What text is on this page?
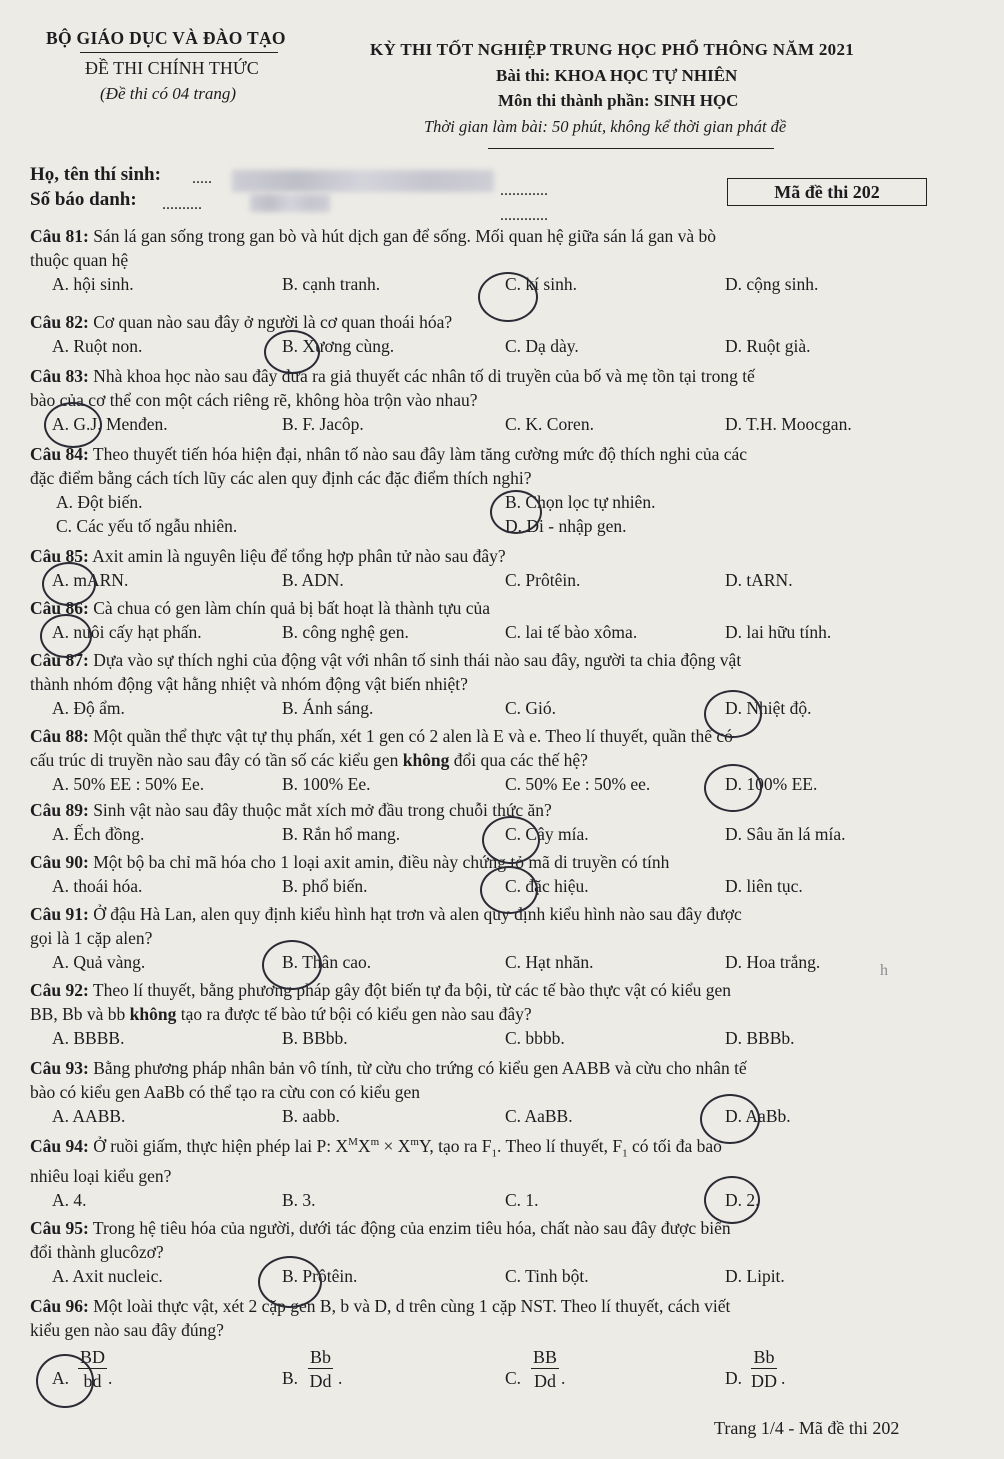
BỘ GIÁO DỤC VÀ ĐÀO TẠO
ĐỀ THI CHÍNH THỨC
(Đề thi có 04 trang)
KỲ THI TỐT NGHIỆP TRUNG HỌC PHỔ THÔNG NĂM 2021
Bài thi: KHOA HỌC TỰ NHIÊN
Môn thi thành phần: SINH HỌC
Thời gian làm bài: 50 phút, không kể thời gian phát đề
Họ, tên thí sinh: .....
Số báo danh: ..........
............
............
Mã đề thi 202
Câu 81: Sán lá gan sống trong gan bò và hút dịch gan để sống. Mối quan hệ giữa sán lá gan và bò
thuộc quan hệ
A. hội sinh.	B. cạnh tranh.	C. kí sinh.	D. cộng sinh.
Câu 82: Cơ quan nào sau đây ở người là cơ quan thoái hóa?
A. Ruột non.	B. Xương cùng.	C. Dạ dày.	D. Ruột già.
Câu 83: Nhà khoa học nào sau đây đưa ra giả thuyết các nhân tố di truyền của bố và mẹ tồn tại trong tế
bào của cơ thể con một cách riêng rẽ, không hòa trộn vào nhau?
A. G.J. Menđen.	B. F. Jacôp.	C. K. Coren.	D. T.H. Moocgan.
Câu 84: Theo thuyết tiến hóa hiện đại, nhân tố nào sau đây làm tăng cường mức độ thích nghi của các
đặc điểm bằng cách tích lũy các alen quy định các đặc điểm thích nghi?
A. Đột biến.	B. Chọn lọc tự nhiên.
C. Các yếu tố ngẫu nhiên.	D. Di - nhập gen.
Câu 85: Axit amin là nguyên liệu để tổng hợp phân tử nào sau đây?
A. mARN.	B. ADN.	C. Prôtêin.	D. tARN.
Câu 86: Cà chua có gen làm chín quả bị bất hoạt là thành tựu của
A. nuôi cấy hạt phấn.	B. công nghệ gen.	C. lai tế bào xôma.	D. lai hữu tính.
Câu 87: Dựa vào sự thích nghi của động vật với nhân tố sinh thái nào sau đây, người ta chia động vật
thành nhóm động vật hằng nhiệt và nhóm động vật biến nhiệt?
A. Độ ẩm.	B. Ánh sáng.	C. Gió.	D. Nhiệt độ.
Câu 88: Một quần thể thực vật tự thụ phấn, xét 1 gen có 2 alen là E và e. Theo lí thuyết, quần thể có
cấu trúc di truyền nào sau đây có tần số các kiểu gen không đổi qua các thế hệ?
A. 50% EE : 50% Ee.	B. 100% Ee.	C. 50% Ee : 50% ee.	D. 100% EE.
Câu 89: Sinh vật nào sau đây thuộc mắt xích mở đầu trong chuỗi thức ăn?
A. Ếch đồng.	B. Rắn hổ mang.	C. Cây mía.	D. Sâu ăn lá mía.
Câu 90: Một bộ ba chỉ mã hóa cho 1 loại axit amin, điều này chứng tỏ mã di truyền có tính
A. thoái hóa.	B. phổ biến.	C. đặc hiệu.	D. liên tục.
Câu 91: Ở đậu Hà Lan, alen quy định kiểu hình hạt trơn và alen quy định kiểu hình nào sau đây được
gọi là 1 cặp alen?
A. Quả vàng.	B. Thân cao.	C. Hạt nhăn.	D. Hoa trắng.
Câu 92: Theo lí thuyết, bằng phương pháp gây đột biến tự đa bội, từ các tế bào thực vật có kiểu gen
BB, Bb và bb không tạo ra được tế bào tứ bội có kiểu gen nào sau đây?
A. BBBB.	B. BBbb.	C. bbbb.	D. BBBb.
Câu 93: Bằng phương pháp nhân bản vô tính, từ cừu cho trứng có kiểu gen AABB và cừu cho nhân tế
bào có kiểu gen AaBb có thể tạo ra cừu con có kiểu gen
A. AABB.	B. aabb.	C. AaBB.	D. AaBb.
Câu 94: Ở ruồi giấm, thực hiện phép lai P: $X^MX^m \times X^mY$, tạo ra $F_1$. Theo lí thuyết, $F_1$ có tối đa bao
nhiêu loại kiểu gen?
A. 4.	B. 3.	C. 1.	D. 2.
Câu 95: Trong hệ tiêu hóa của người, dưới tác động của enzim tiêu hóa, chất nào sau đây được biến
đổi thành glucôzơ?
A. Axit nucleic.	B. Prôtêin.	C. Tinh bột.	D. Lipit.
Câu 96: Một loài thực vật, xét 2 cặp gen B, b và D, d trên cùng 1 cặp NST. Theo lí thuyết, cách viết
kiểu gen nào sau đây đúng?
A. $\frac{BD}{bd}$ .	B. $\frac{Bb}{Dd}$ .	C. $\frac{BB}{Dd}$ .	D. $\frac{Bb}{DD}$ .
Trang 1/4 - Mã đề thi 202
h
